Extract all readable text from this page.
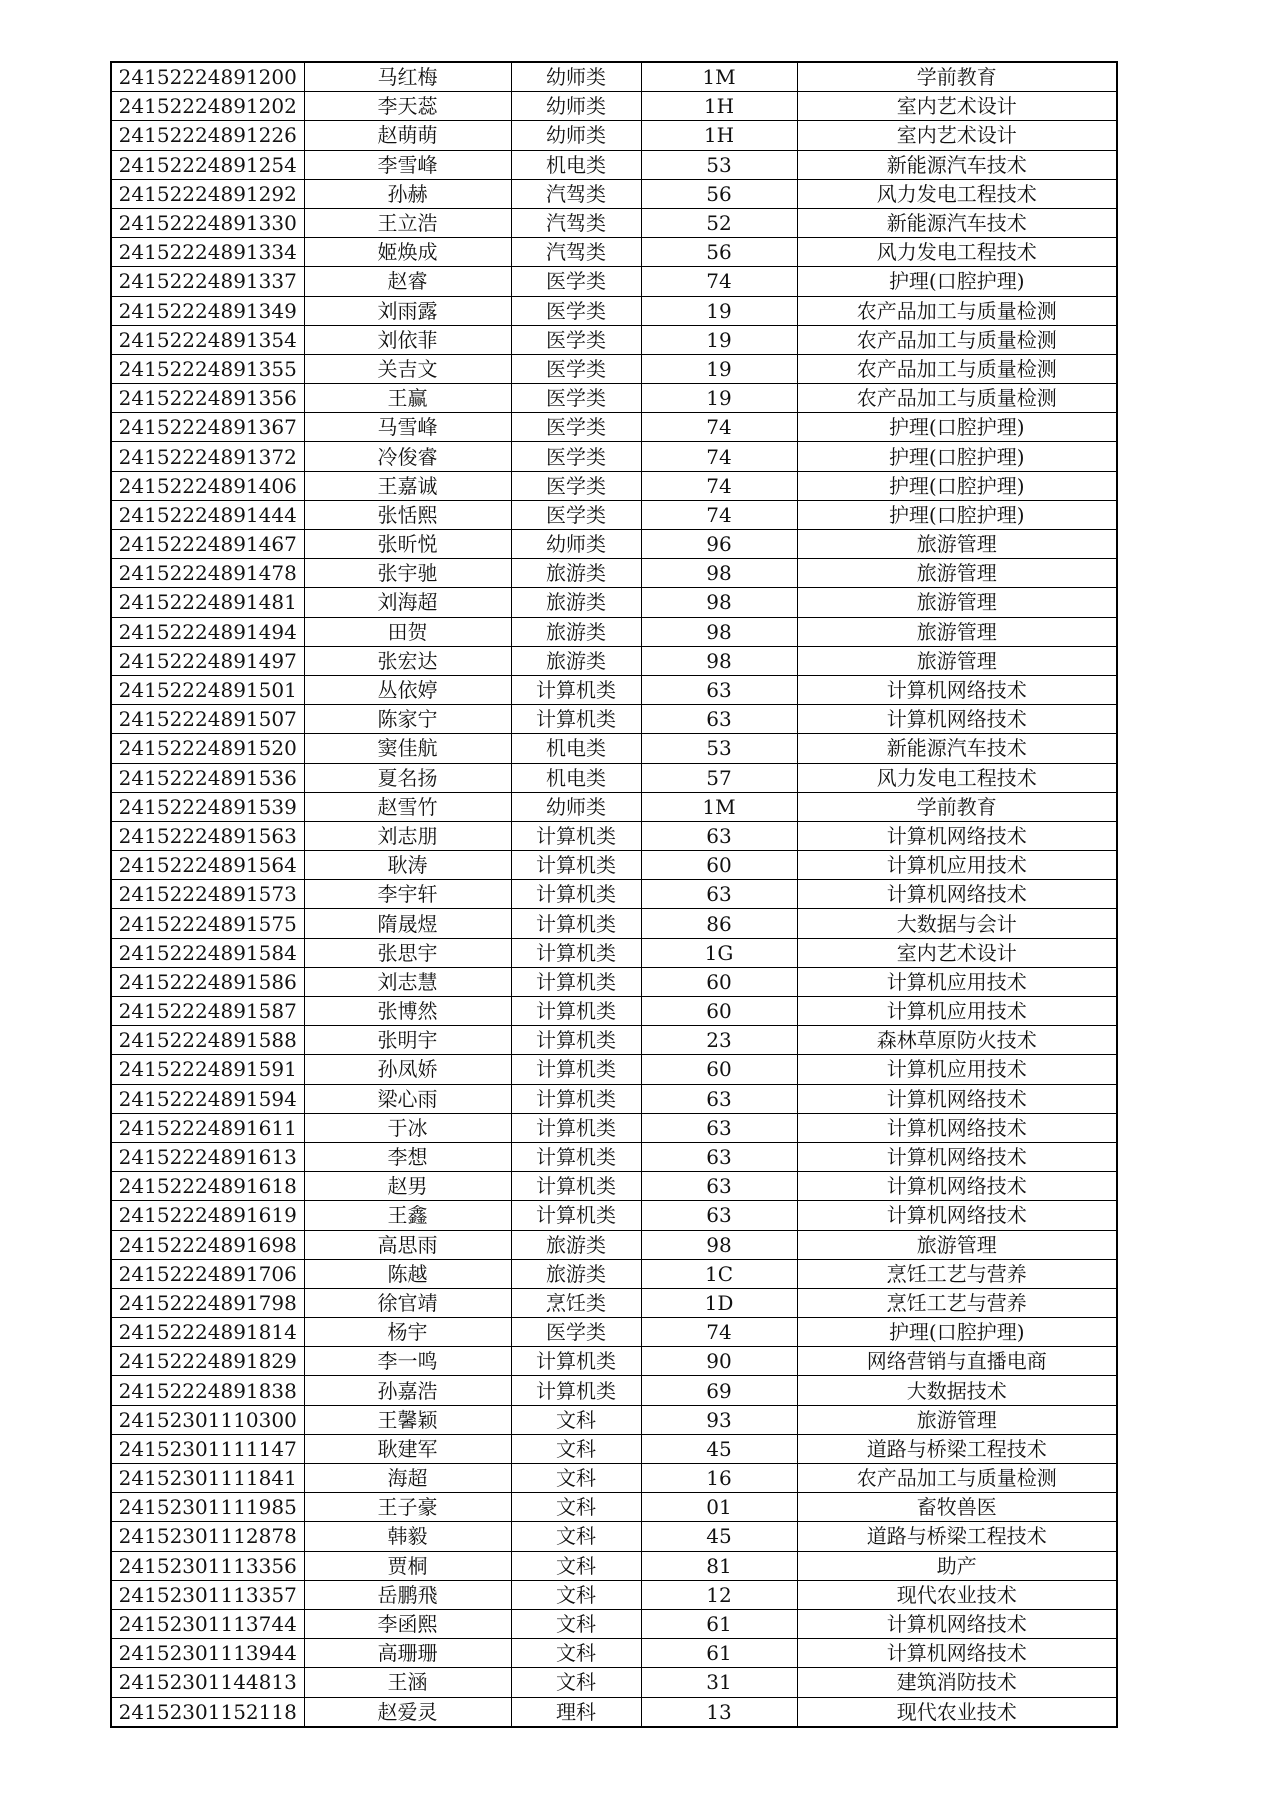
24152224891200	马红梅	幼师类	1M	学前教育
24152224891202	李天蕊	幼师类	1H	室内艺术设计
24152224891226	赵萌萌	幼师类	1H	室内艺术设计
24152224891254	李雪峰	机电类	53	新能源汽车技术
24152224891292	孙赫	汽驾类	56	风力发电工程技术
24152224891330	王立浩	汽驾类	52	新能源汽车技术
24152224891334	姬焕成	汽驾类	56	风力发电工程技术
24152224891337	赵睿	医学类	74	护理(口腔护理)
24152224891349	刘雨露	医学类	19	农产品加工与质量检测
24152224891354	刘依菲	医学类	19	农产品加工与质量检测
24152224891355	关吉文	医学类	19	农产品加工与质量检测
24152224891356	王赢	医学类	19	农产品加工与质量检测
24152224891367	马雪峰	医学类	74	护理(口腔护理)
24152224891372	冷俊睿	医学类	74	护理(口腔护理)
24152224891406	王嘉诚	医学类	74	护理(口腔护理)
24152224891444	张恬熙	医学类	74	护理(口腔护理)
24152224891467	张昕悦	幼师类	96	旅游管理
24152224891478	张宇驰	旅游类	98	旅游管理
24152224891481	刘海超	旅游类	98	旅游管理
24152224891494	田贺	旅游类	98	旅游管理
24152224891497	张宏达	旅游类	98	旅游管理
24152224891501	丛依婷	计算机类	63	计算机网络技术
24152224891507	陈家宁	计算机类	63	计算机网络技术
24152224891520	窦佳航	机电类	53	新能源汽车技术
24152224891536	夏名扬	机电类	57	风力发电工程技术
24152224891539	赵雪竹	幼师类	1M	学前教育
24152224891563	刘志朋	计算机类	63	计算机网络技术
24152224891564	耿涛	计算机类	60	计算机应用技术
24152224891573	李宇轩	计算机类	63	计算机网络技术
24152224891575	隋晟煜	计算机类	86	大数据与会计
24152224891584	张思宇	计算机类	1G	室内艺术设计
24152224891586	刘志慧	计算机类	60	计算机应用技术
24152224891587	张博然	计算机类	60	计算机应用技术
24152224891588	张明宇	计算机类	23	森林草原防火技术
24152224891591	孙凤娇	计算机类	60	计算机应用技术
24152224891594	梁心雨	计算机类	63	计算机网络技术
24152224891611	于冰	计算机类	63	计算机网络技术
24152224891613	李想	计算机类	63	计算机网络技术
24152224891618	赵男	计算机类	63	计算机网络技术
24152224891619	王鑫	计算机类	63	计算机网络技术
24152224891698	高思雨	旅游类	98	旅游管理
24152224891706	陈越	旅游类	1C	烹饪工艺与营养
24152224891798	徐官靖	烹饪类	1D	烹饪工艺与营养
24152224891814	杨宇	医学类	74	护理(口腔护理)
24152224891829	李一鸣	计算机类	90	网络营销与直播电商
24152224891838	孙嘉浩	计算机类	69	大数据技术
24152301110300	王馨颖	文科	93	旅游管理
24152301111147	耿建军	文科	45	道路与桥梁工程技术
24152301111841	海超	文科	16	农产品加工与质量检测
24152301111985	王子豪	文科	01	畜牧兽医
24152301112878	韩毅	文科	45	道路与桥梁工程技术
24152301113356	贾桐	文科	81	助产
24152301113357	岳鹏飛	文科	12	现代农业技术
24152301113744	李函熙	文科	61	计算机网络技术
24152301113944	高珊珊	文科	61	计算机网络技术
24152301144813	王涵	文科	31	建筑消防技术
24152301152118	赵爱灵	理科	13	现代农业技术
